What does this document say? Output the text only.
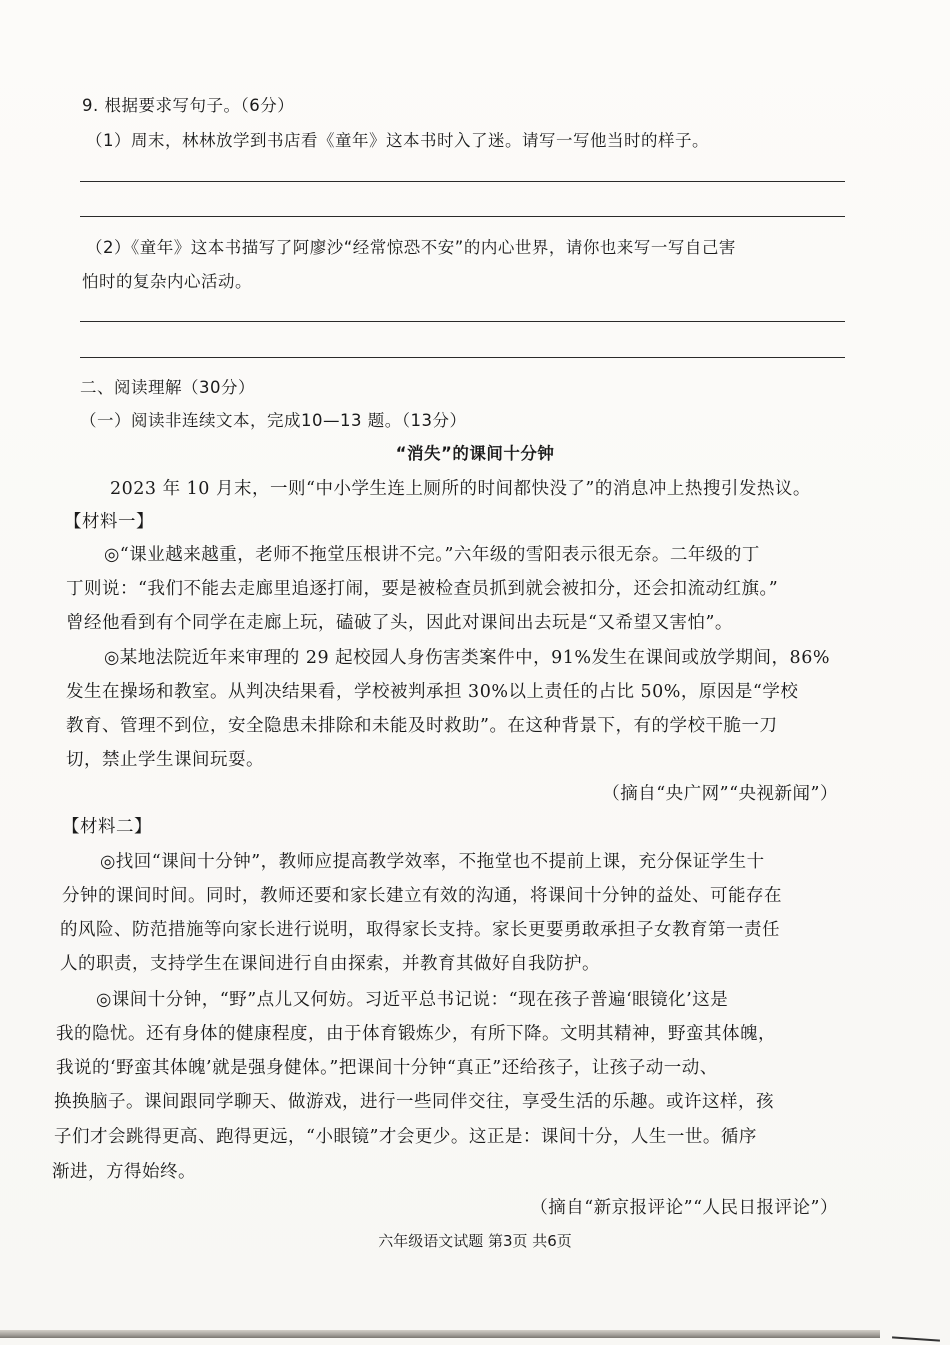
9. 根据要求写句子。（6分）
（1）周末，林林放学到书店看《童年》这本书时入了迷。请写一写他当时的样子。
（2）《童年》这本书描写了阿廖沙“经常惊恐不安”的内心世界，请你也来写一写自己害
怕时的复杂内心活动。
二、阅读理解（30分）
（一）阅读非连续文本，完成10—13 题。（13分）
“消失”的课间十分钟
2023 年 10 月末，一则“中小学生连上厕所的时间都快没了”的消息冲上热搜引发热议。
【材料一】
◎“课业越来越重，老师不拖堂压根讲不完。”六年级的雪阳表示很无奈。二年级的丁
丁则说：“我们不能去走廊里追逐打闹，要是被检查员抓到就会被扣分，还会扣流动红旗。”
曾经他看到有个同学在走廊上玩，磕破了头，因此对课间出去玩是“又希望又害怕”。
◎某地法院近年来审理的 29 起校园人身伤害类案件中，91%发生在课间或放学期间，86%
发生在操场和教室。从判决结果看，学校被判承担 30%以上责任的占比 50%，原因是“学校
教育、管理不到位，安全隐患未排除和未能及时救助”。在这种背景下，有的学校干脆一刀
切，禁止学生课间玩耍。
（摘自“央广网”“央视新闻”）
【材料二】
◎找回“课间十分钟”，教师应提高教学效率，不拖堂也不提前上课，充分保证学生十
分钟的课间时间。同时，教师还要和家长建立有效的沟通，将课间十分钟的益处、可能存在
的风险、防范措施等向家长进行说明，取得家长支持。家长更要勇敢承担子女教育第一责任
人的职责，支持学生在课间进行自由探索，并教育其做好自我防护。
◎课间十分钟，“野”点儿又何妨。习近平总书记说：“现在孩子普遍‘眼镜化’这是
我的隐忧。还有身体的健康程度，由于体育锻炼少，有所下降。文明其精神，野蛮其体魄，
我说的‘野蛮其体魄’就是强身健体。”把课间十分钟“真正”还给孩子，让孩子动一动、
换换脑子。课间跟同学聊天、做游戏，进行一些同伴交往，享受生活的乐趣。或许这样，孩
子们才会跳得更高、跑得更远，“小眼镜”才会更少。这正是：课间十分，人生一世。循序
渐进，方得始终。
（摘自“新京报评论”“人民日报评论”）
六年级语文试题 第3页 共6页
